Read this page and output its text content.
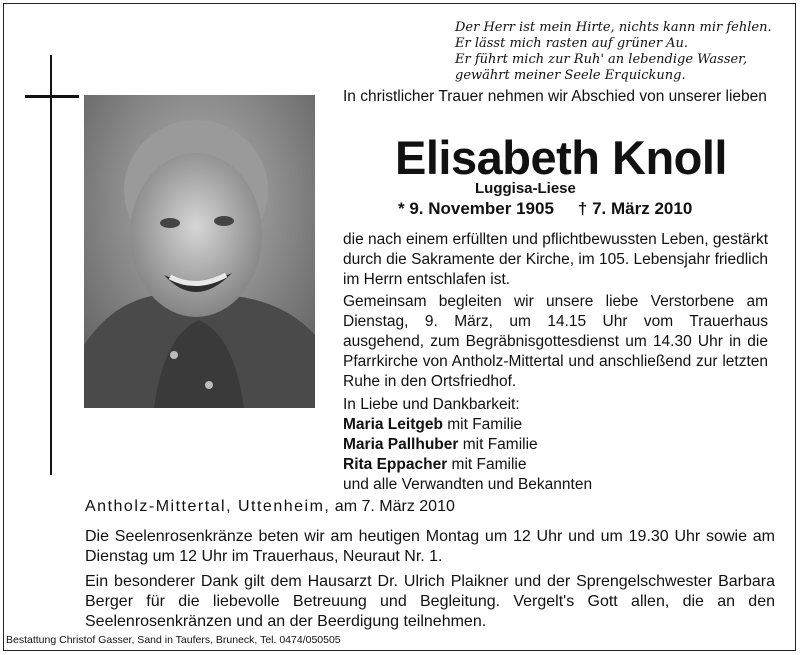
Der Herr ist mein Hirte, nichts kann mir fehlen.
Er lässt mich rasten auf grüner Au.
Er führt mich zur Ruh' an lebendige Wasser,
gewährt meiner Seele Erquickung.
In christlicher Trauer nehmen wir Abschied von unserer lieben
Elisabeth Knoll
Luggisa-Liese
* 9. November 1905 † 7. März 2010
die nach einem erfüllten und pflichtbewussten Leben, gestärkt durch die Sakramente der Kirche, im 105. Lebensjahr friedlich im Herrn entschlafen ist.
Gemeinsam begleiten wir unsere liebe Verstorbene am Dienstag, 9. März, um 14.15 Uhr vom Trauerhaus ausgehend, zum Begräbnisgottesdienst um 14.30 Uhr in die Pfarrkirche von Antholz-Mittertal und anschließend zur letzten Ruhe in den Ortsfriedhof.
In Liebe und Dankbarkeit:
Maria Leitgeb mit Familie
Maria Pallhuber mit Familie
Rita Eppacher mit Familie
und alle Verwandten und Bekannten
Antholz-Mittertal, Uttenheim, am 7. März 2010
Die Seelenrosenkränze beten wir am heutigen Montag um 12 Uhr und um 19.30 Uhr sowie am Dienstag um 12 Uhr im Trauerhaus, Neuraut Nr. 1.
Ein besonderer Dank gilt dem Hausarzt Dr. Ulrich Plaikner und der Sprengelschwester Barbara Berger für die liebevolle Betreuung und Begleitung. Vergelt's Gott allen, die an den Seelenrosenkränzen und an der Beerdigung teilnehmen.
Bestattung Christof Gasser, Sand in Taufers, Bruneck, Tel. 0474/050505
